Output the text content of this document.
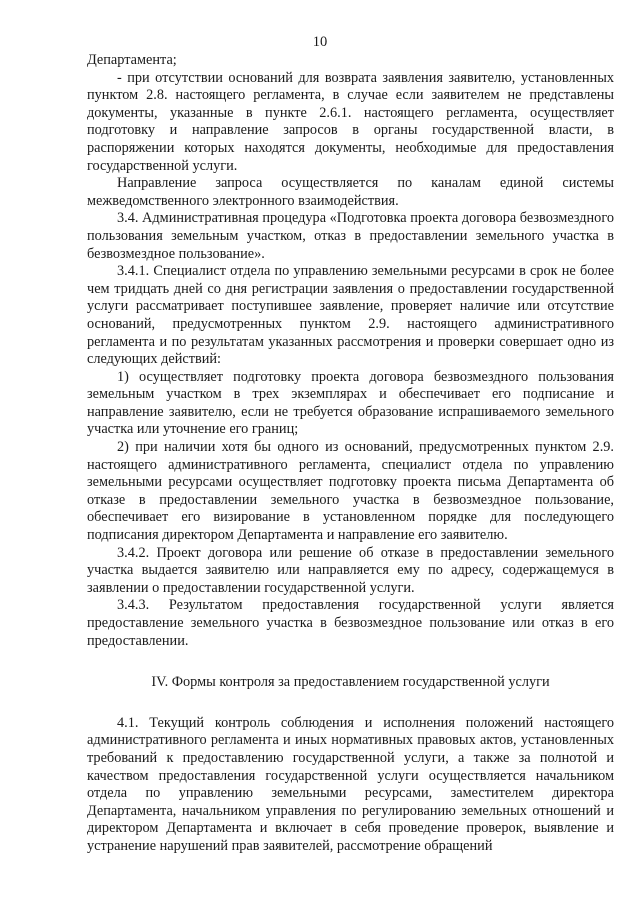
10

Департамента;

- при отсутствии оснований для возврата заявления заявителю, установленных пунктом 2.8. настоящего регламента, в случае если заявителем не представлены документы, указанные в пункте 2.6.1. настоящего регламента, осуществляет подготовку и направление запросов в органы государственной власти, в распоряжении которых находятся документы, необходимые для предоставления государственной услуги.

Направление запроса осуществляется по каналам единой системы межведомственного электронного взаимодействия.

3.4. Административная процедура «Подготовка проекта договора безвозмездного пользования земельным участком, отказ в предоставлении земельного участка в безвозмездное пользование».

3.4.1. Специалист отдела по управлению земельными ресурсами в срок не более чем тридцать дней со дня регистрации заявления о предоставлении государственной услуги рассматривает поступившее заявление, проверяет наличие или отсутствие оснований, предусмотренных пунктом 2.9. настоящего административного регламента и по результатам указанных рассмотрения и проверки совершает одно из следующих действий:

1) осуществляет подготовку проекта договора безвозмездного пользования земельным участком в трех экземплярах и обеспечивает его подписание и направление заявителю, если не требуется образование испрашиваемого земельного участка или уточнение его границ;

2) при наличии хотя бы одного из оснований, предусмотренных пунктом 2.9. настоящего административного регламента, специалист отдела по управлению земельными ресурсами осуществляет подготовку проекта письма Департамента об отказе в предоставлении земельного участка в безвозмездное пользование, обеспечивает его визирование в установленном порядке для последующего подписания директором Департамента и направление его заявителю.

3.4.2. Проект договора или решение об отказе в предоставлении земельного участка выдается заявителю или направляется ему по адресу, содержащемуся в заявлении о предоставлении государственной услуги.

3.4.3. Результатом предоставления государственной услуги является предоставление земельного участка в безвозмездное пользование или отказ в его предоставлении.

IV. Формы контроля за предоставлением государственной услуги

4.1. Текущий контроль соблюдения и исполнения положений настоящего административного регламента и иных нормативных правовых актов, установленных требований к предоставлению государственной услуги, а также за полнотой и качеством предоставления государственной услуги осуществляется начальником отдела по управлению земельными ресурсами, заместителем директора Департамента, начальником управления по регулированию земельных отношений и директором Департамента и включает в себя проведение проверок, выявление и устранение нарушений прав заявителей, рассмотрение обращений
